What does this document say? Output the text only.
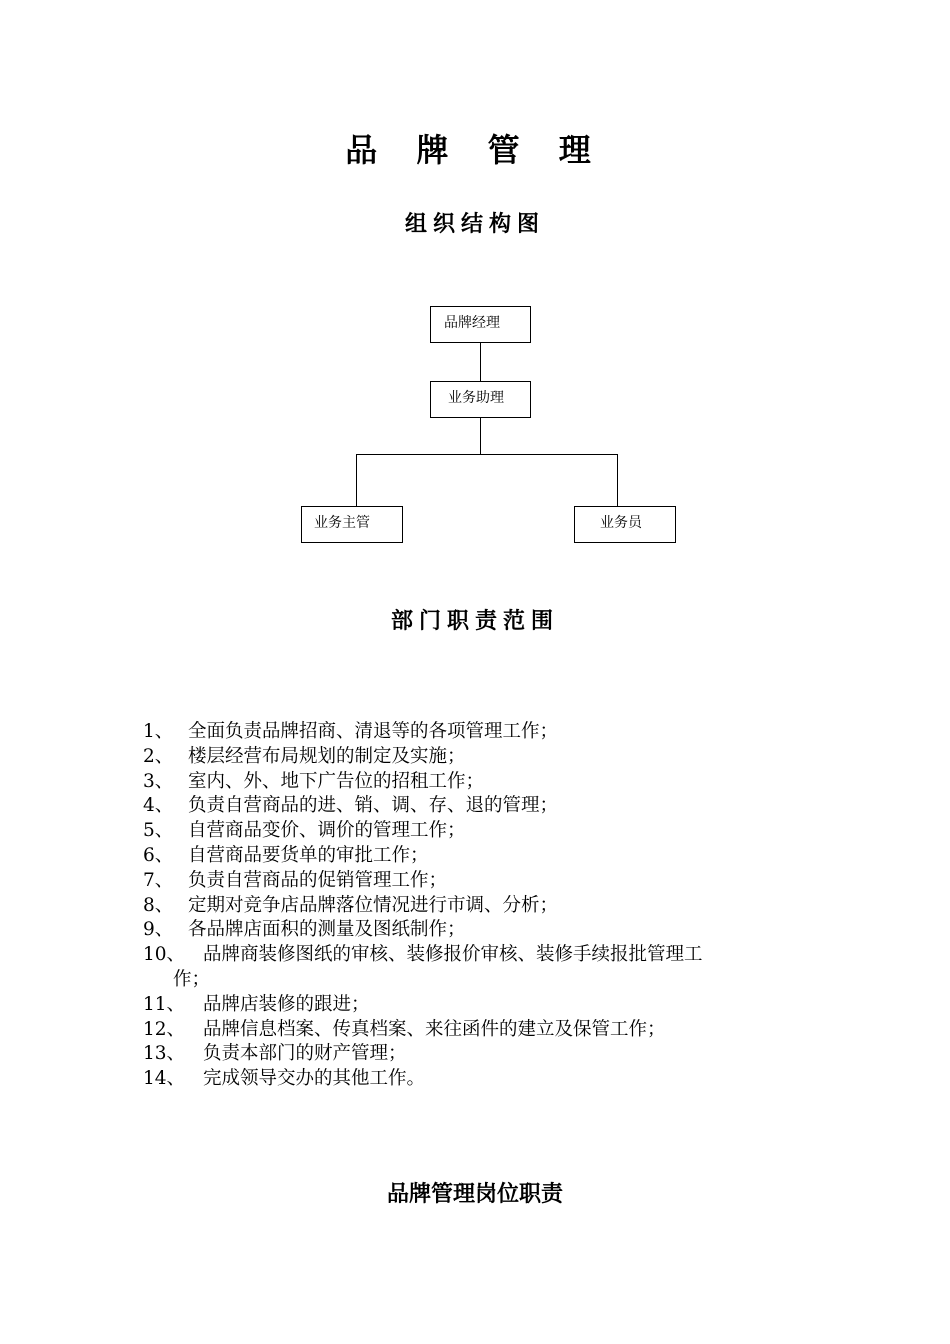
品 牌 管 理
组织结构图
品牌经理
业务助理
业务主管	业务员
部门职责范围
1、 全面负责品牌招商、清退等的各项管理工作；
2、 楼层经营布局规划的制定及实施；
3、 室内、外、地下广告位的招租工作；
4、 负责自营商品的进、销、调、存、退的管理；
5、 自营商品变价、调价的管理工作；
6、 自营商品要货单的审批工作；
7、 负责自营商品的促销管理工作；
8、 定期对竞争店品牌落位情况进行市调、分析；
9、 各品牌店面积的测量及图纸制作；
10、 品牌商装修图纸的审核、装修报价审核、装修手续报批管理工
作；
11、 品牌店装修的跟进；
12、 品牌信息档案、传真档案、来往函件的建立及保管工作；
13、 负责本部门的财产管理；
14、 完成领导交办的其他工作。
品牌管理岗位职责
